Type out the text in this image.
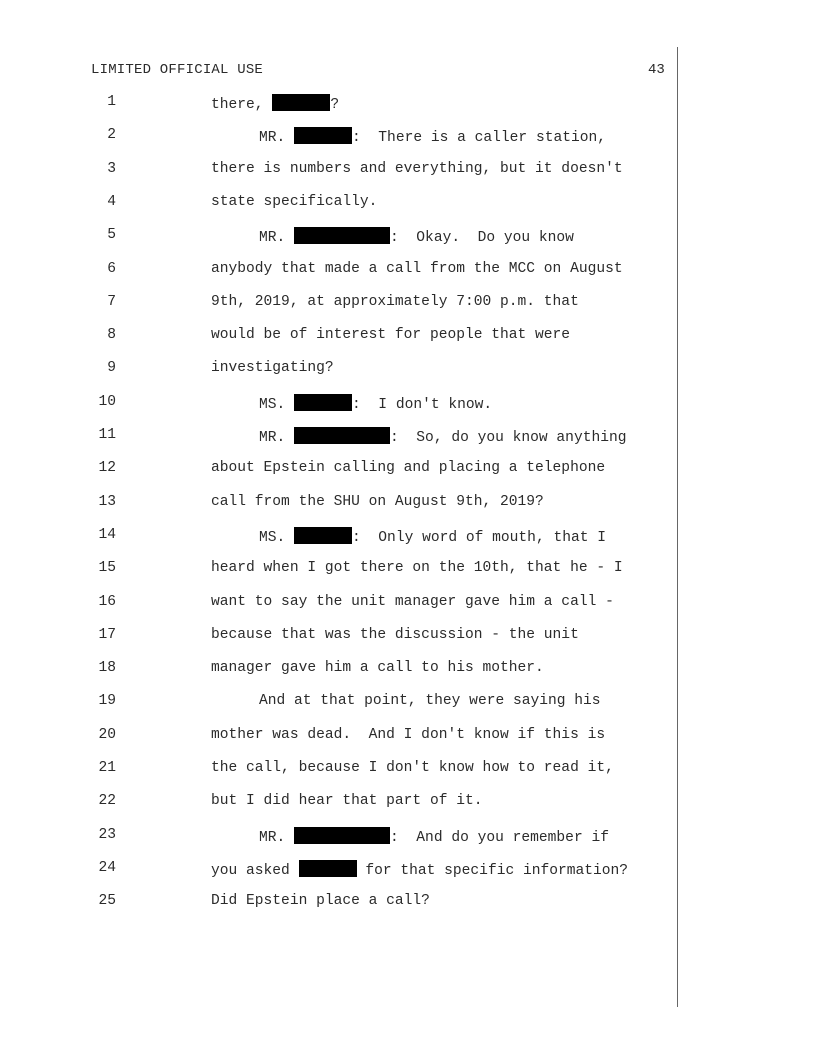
LIMITED OFFICIAL USE	43
1	there,	?
2	MR.	:  There is a caller station,
3	there is numbers and everything, but it doesn't
4	state specifically.
5	MR.	:  Okay.  Do you know
6	anybody that made a call from the MCC on August
7	9th, 2019, at approximately 7:00 p.m. that
8	would be of interest for people that were
9	investigating?
10	MS.	:  I don't know.
11	MR.	:  So, do you know anything
12	about Epstein calling and placing a telephone
13	call from the SHU on August 9th, 2019?
14	MS.	:  Only word of mouth, that I
15	heard when I got there on the 10th, that he - I
16	want to say the unit manager gave him a call -
17	because that was the discussion - the unit
18	manager gave him a call to his mother.
19	And at that point, they were saying his
20	mother was dead.  And I don't know if this is
21	the call, because I don't know how to read it,
22	but I did hear that part of it.
23	MR.	:  And do you remember if
24	you asked	for that specific information?
25	Did Epstein place a call?
